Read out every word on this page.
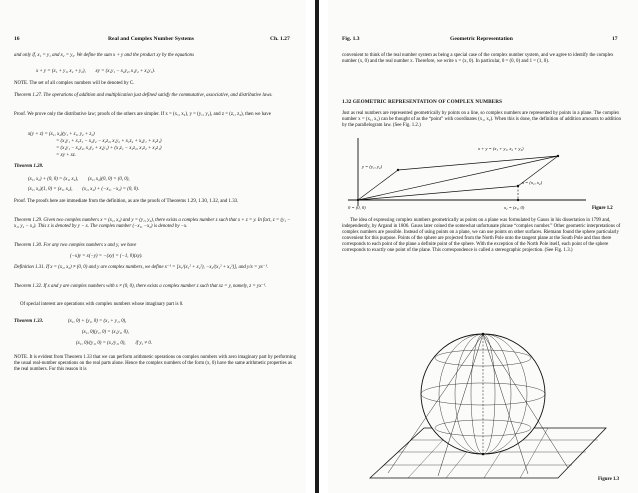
16	Real and Complex Number Systems	Ch. 1.27

and only if, x₁ = y₁ and x₂ = y₂. We define the sum x + y and the product xy by the equations

x + y = (x₁ + y₁, x₂ + y₂),        xy = (x₁y₁ − x₂y₂, x₁y₂ + x₂y₁).

NOTE. The set of all complex numbers will be denoted by C.

Theorem 1.27. The operations of addition and multiplication just defined satisfy the commutative, associative, and distributive laws.

Proof. We prove only the distributive law; proofs of the others are simpler. If x = (x₁, x₂), y = (y₁, y₂), and z = (z₁, z₂), then we have

x(y + z) = (x₁, x₂)(y₁ + z₁, y₂ + z₂)
= (x₁y₁ + x₁z₁ − x₂y₂ − x₂z₂, x₁y₂ + x₁z₂ + x₂y₁ + x₂z₁)
= (x₁y₁ − x₂y₂, x₁y₂ + x₂y₁) + (x₁z₁ − x₂z₂, x₁z₂ + x₂z₁)
= xy + xz.

Theorem 1.28.

(x₁, x₂) + (0, 0) = (x₁, x₂),        (x₁, x₂)(0, 0) = (0, 0),
(x₁, x₂)(1, 0) = (x₁, x₂),        (x₁, x₂) + (−x₁, −x₂) = (0, 0).

Proof. The proofs here are immediate from the definition, as are the proofs of Theorems 1.29, 1.30, 1.32, and 1.33.

Theorem 1.29. Given two complex numbers x = (x₁, x₂) and y = (y₁, y₂), there exists a complex number z such that x + z = y. In fact, z = (y₁ − x₁, y₂ − x₂). This z is denoted by y − x. The complex number (−x₁, −x₂) is denoted by −x.

Theorem 1.30. For any two complex numbers x and y, we have

(−x)y = x(−y) = −(xy) = (−1, 0)(xy).

Definition 1.31. If x = (x₁, x₂) ≠ (0, 0) and y are complex numbers, we define x⁻¹ = [x₁/(x₁² + x₂²), −x₂/(x₁² + x₂²)], and y/x = yx⁻¹.

Theorem 1.32. If x and y are complex numbers with x ≠ (0, 0), there exists a complex number z such that xz = y, namely, z = yx⁻¹.

Of special interest are operations with complex numbers whose imaginary part is 0.

Theorem 1.33.	(x₁, 0) + (y₁, 0) = (x₁ + y₁, 0),
(x₁, 0)(y₁, 0) = (x₁y₁, 0),
(x₁, 0)/(y₁, 0) = (x₁/y₁, 0),        if y₁ ≠ 0.

NOTE. It is evident from Theorem 1.33 that we can perform arithmetic operations on complex numbers with zero imaginary part by performing the usual real-number operations on the real parts alone. Hence the complex numbers of the form (x, 0) have the same arithmetic properties as the real numbers. For this reason it is

Fig. 1.3	Geometric Representation	17

convenient to think of the real number system as being a special case of the complex number system, and we agree to identify the complex number (x, 0) and the real number x. Therefore, we write x = (x, 0). In particular, 0 = (0, 0) and 1 = (1, 0).

1.32 GEOMETRIC REPRESENTATION OF COMPLEX NUMBERS

Just as real numbers are represented geometrically by points on a line, so complex numbers are represented by points in a plane. The complex number x = (x₁, x₂) can be thought of as the “point” with coordinates (x₁, x₂). When this is done, the definition of addition amounts to addition by the parallelogram law. (See Fig. 1.2.)

x + y = (x₁ + y₁, x₂ + y₂)
y = (y₁, y₂)
x = (x₁, x₂)
0 = (0, 0)	x₁ = (x₁, 0)	Figure 1.2

The idea of expressing complex numbers geometrically as points on a plane was formulated by Gauss in his dissertation in 1799 and, independently, by Argand in 1806. Gauss later coined the somewhat unfortunate phrase “complex number.” Other geometric interpretations of complex numbers are possible. Instead of using points on a plane, we can use points on other surfaces. Riemann found the sphere particularly convenient for this purpose. Points of the sphere are projected from the North Pole onto the tangent plane at the South Pole and thus there corresponds to each point of the plane a definite point of the sphere. With the exception of the North Pole itself, each point of the sphere corresponds to exactly one point of the plane. This correspondence is called a stereographic projection. (See Fig. 1.3.)

Figure 1.3
